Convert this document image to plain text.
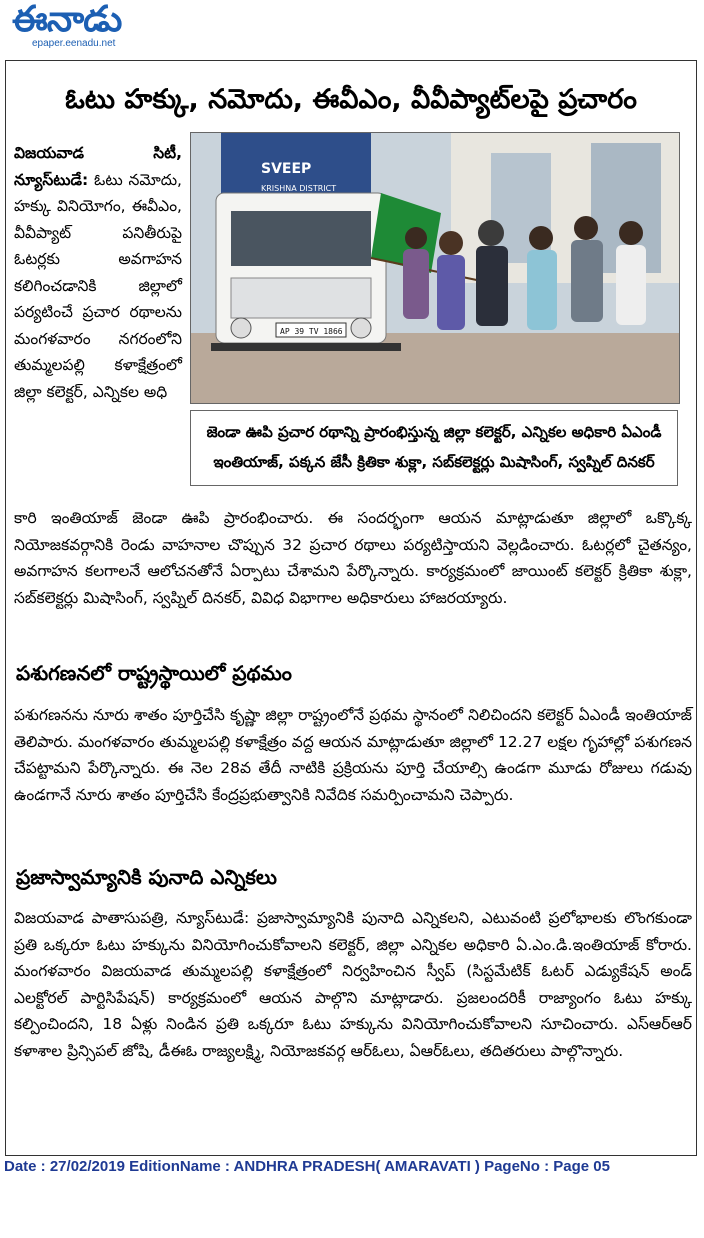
ఈనాడు
epaper.eenadu.net
ఓటు హక్కు, నమోదు, ఈవీఎం, వీవీప్యాట్‌లపై ప్రచారం
SVEEP
KRISHNA DISTRICT
AP 39 TV 1866
జెండా ఊపి ప్రచార రథాన్ని ప్రారంభిస్తున్న జిల్లా కలెక్టర్, ఎన్నికల అధికారి ఏఎండీ ఇంతియాజ్, పక్కన జేసీ క్రితికా శుక్లా, సబ్‌కలెక్టర్లు మిషాసింగ్, స్వప్నిల్ దినకర్
విజయవాడ సిటీ, న్యూస్‌టుడే: ఓటు నమోదు, హక్కు వినియోగం, ఈవీఎం, వీవీప్యాట్ పనితీరుపై ఓటర్లకు అవగాహన కలిగించడానికి జిల్లాలో పర్యటించే ప్రచార రథాలను మంగళవారం నగరంలోని తుమ్మలపల్లి కళాక్షేత్రంలో జిల్లా కలెక్టర్, ఎన్నికల అధి
కారి ఇంతియాజ్ జెండా ఊపి ప్రారంభించారు. ఈ సందర్భంగా ఆయన మాట్లాడుతూ జిల్లాలో ఒక్కొక్క నియోజకవర్గానికి రెండు వాహనాల చొప్పున 32 ప్రచార రథాలు పర్యటిస్తాయని వెల్లడించారు. ఓటర్లలో చైతన్యం, అవగాహన కలగాలనే ఆలోచనతోనే ఏర్పాటు చేశామని పేర్కొన్నారు. కార్యక్రమంలో జాయింట్ కలెక్టర్ క్రితికా శుక్లా, సబ్‌కలెక్టర్లు మిషాసింగ్, స్వప్నిల్ దినకర్, వివిధ విభాగాల అధికారులు హాజరయ్యారు.
పశుగణనలో రాష్ట్రస్థాయిలో ప్రథమం
పశుగణనను నూరు శాతం పూర్తిచేసి కృష్ణా జిల్లా రాష్ట్రంలోనే ప్రథమ స్థానంలో నిలిచిందని కలెక్టర్ ఏఎండీ ఇంతియాజ్ తెలిపారు. మంగళవారం తుమ్మలపల్లి కళాక్షేత్రం వద్ద ఆయన మాట్లాడుతూ జిల్లాలో 12.27 లక్షల గృహాల్లో పశుగణన చేపట్టామని పేర్కొన్నారు. ఈ నెల 28వ తేదీ నాటికి ప్రక్రియను పూర్తి చేయాల్సి ఉండగా మూడు రోజులు గడువు ఉండగానే నూరు శాతం పూర్తిచేసి కేంద్రప్రభుత్వానికి నివేదిక సమర్పించామని చెప్పారు.
ప్రజాస్వామ్యానికి పునాది ఎన్నికలు
విజయవాడ పాతాసుపత్రి, న్యూస్‌టుడే: ప్రజాస్వామ్యానికి పునాది ఎన్నికలని, ఎటువంటి ప్రలోభాలకు లొంగకుండా ప్రతి ఒక్కరూ ఓటు హక్కును వినియోగించుకోవాలని కలెక్టర్, జిల్లా ఎన్నికల అధికారి ఏ.ఎం.డి.ఇంతియాజ్ కోరారు. మంగళవారం విజయవాడ తుమ్మలపల్లి కళాక్షేత్రంలో నిర్వహించిన స్వీప్ (సిస్టమేటిక్ ఓటర్ ఎడ్యుకేషన్ అండ్ ఎలక్టోరల్ పార్టిసిపేషన్) కార్యక్రమంలో ఆయన పాల్గొని మాట్లాడారు. ప్రజలందరికీ రాజ్యాంగం ఓటు హక్కు కల్పించిందని, 18 ఏళ్లు నిండిన ప్రతి ఒక్కరూ ఓటు హక్కును వినియోగించుకోవాలని సూచించారు. ఎస్ఆర్ఆర్ కళాశాల ప్రిన్సిపల్ జోషి, డీఈఓ రాజ్యలక్ష్మి, నియోజకవర్గ ఆర్‌ఓలు, ఏఆర్‌ఓలు, తదితరులు పాల్గొన్నారు.
Date : 27/02/2019 EditionName : ANDHRA PRADESH( AMARAVATI ) PageNo : Page 05
